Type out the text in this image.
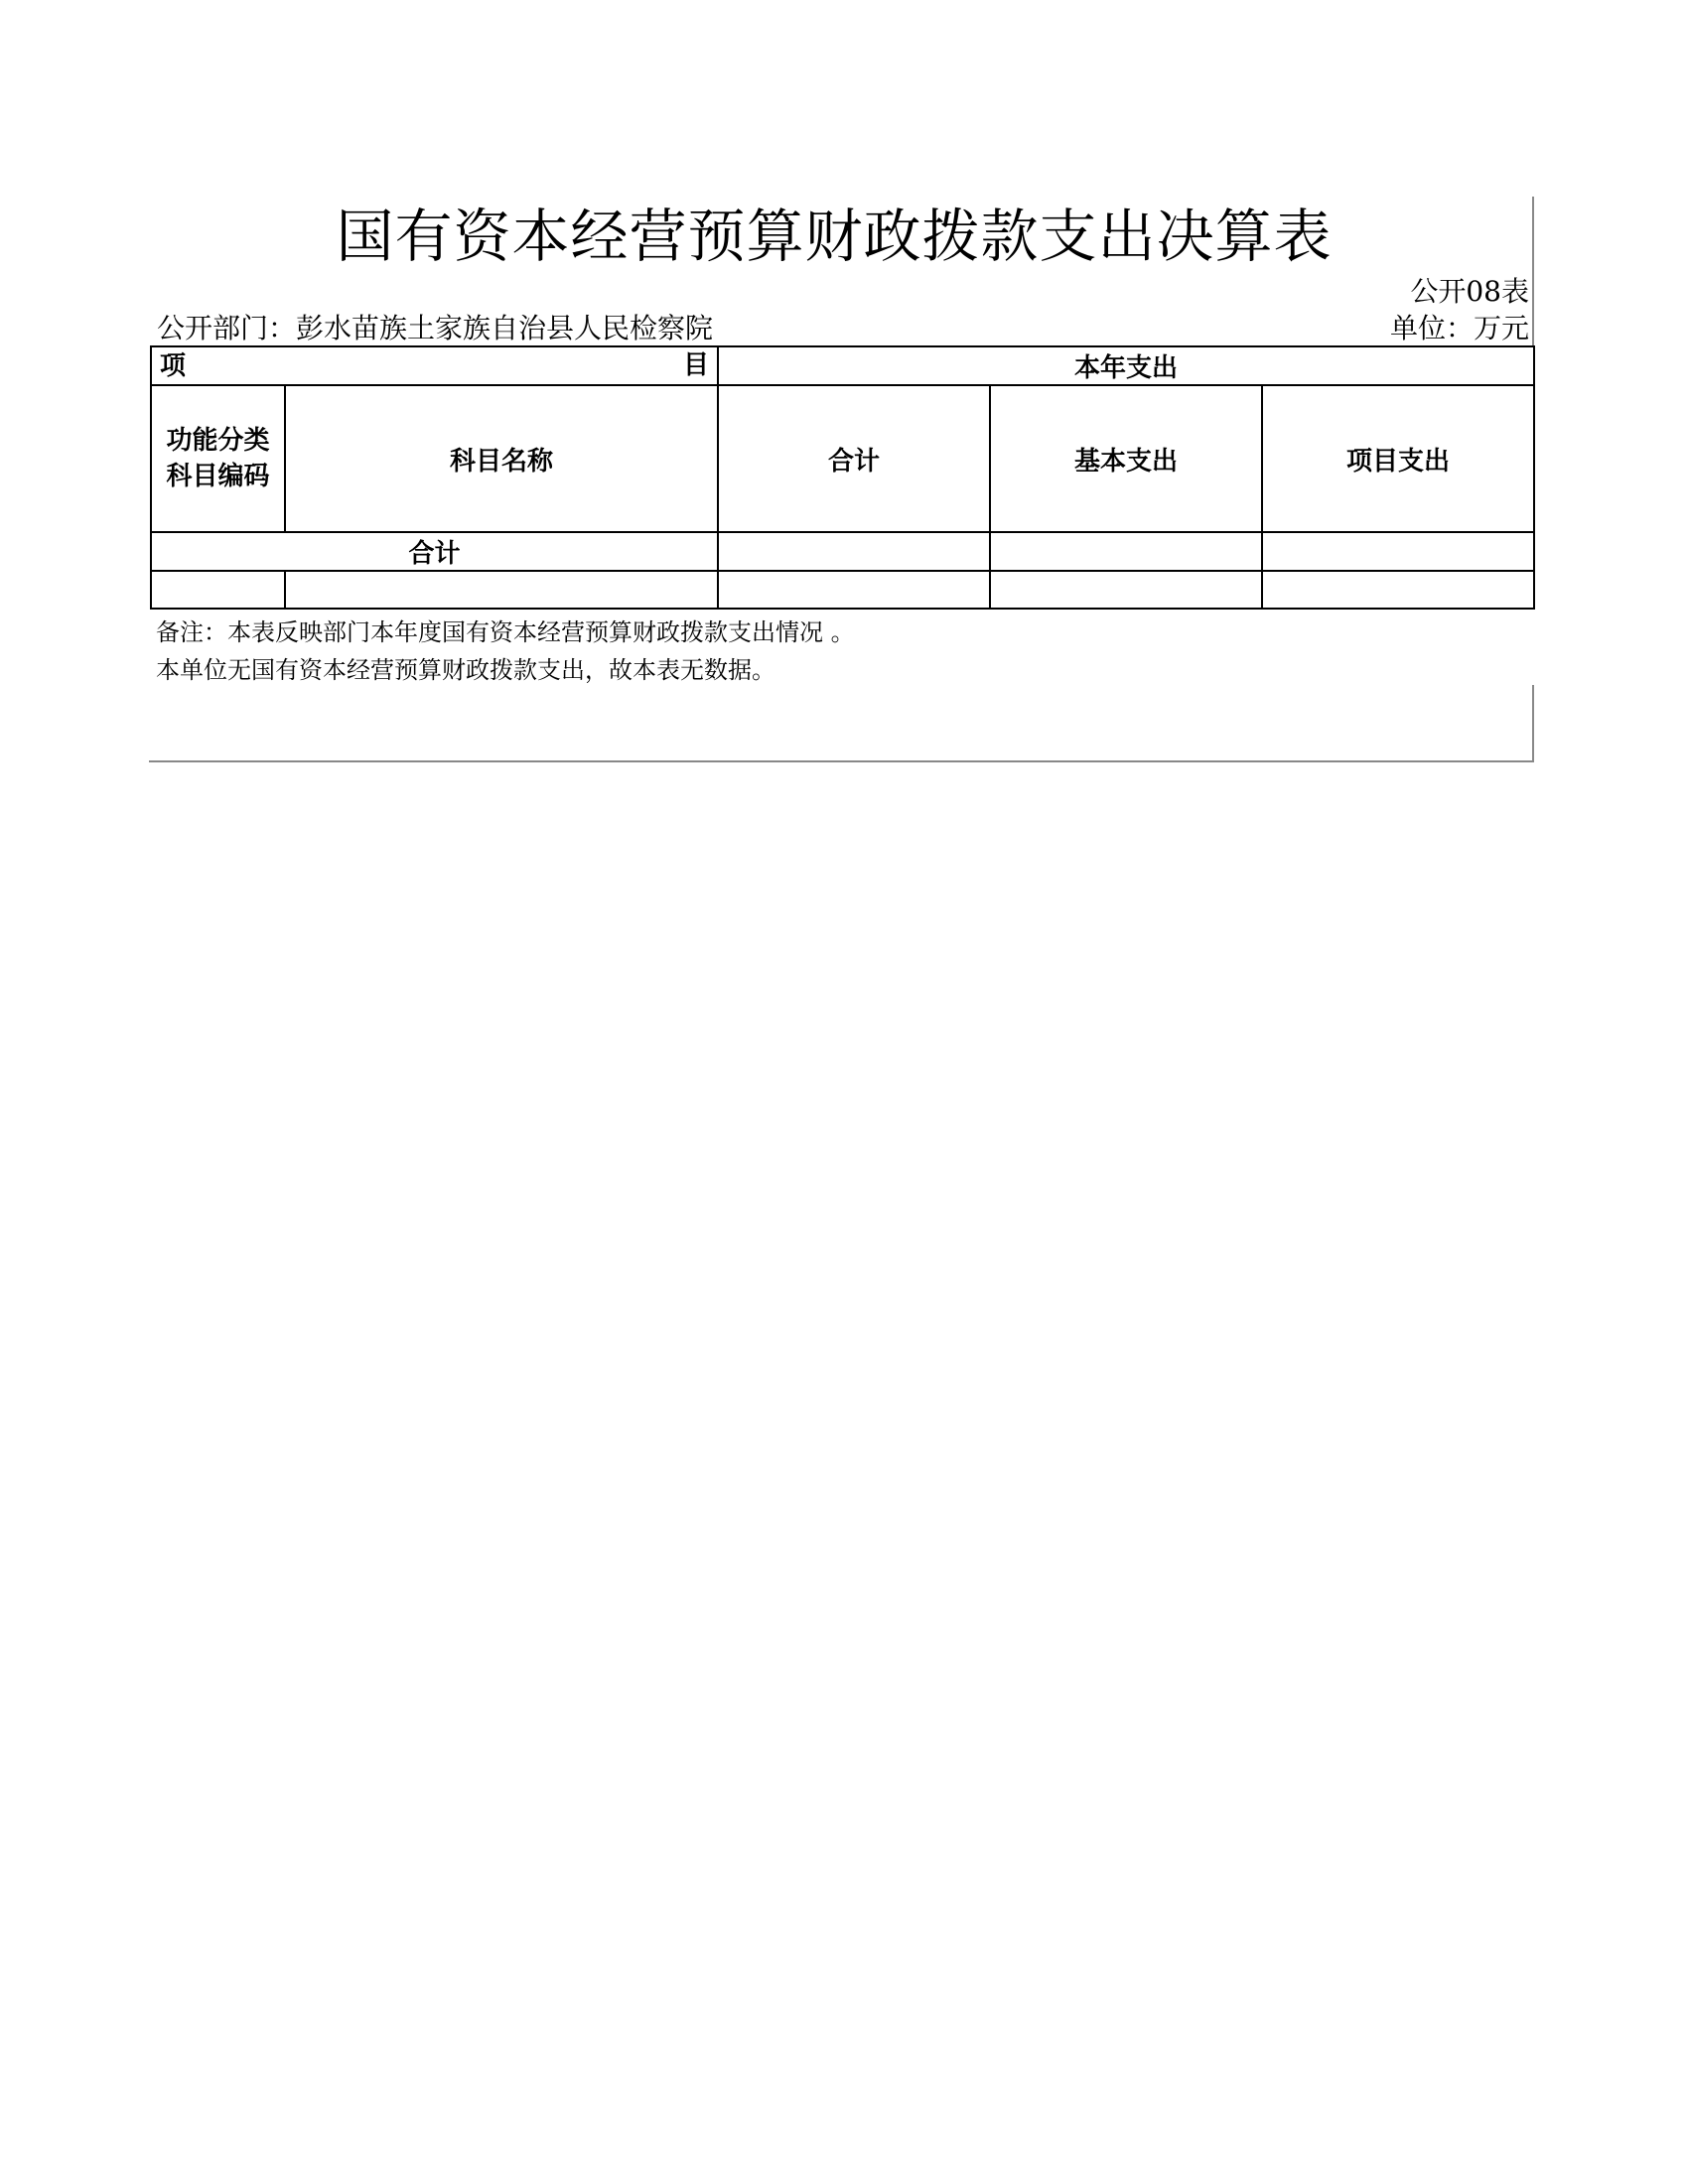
国有资本经营预算财政拨款支出决算表
公开08表
公开部门：彭水苗族土家族自治县人民检察院	单位：万元
项 目		本年支出		

功能分类
科目编码	科目名称	合计	基本支出	项目支出
合计				

备注：本表反映部门本年度国有资本经营预算财政拨款支出情况 。
本单位无国有资本经营预算财政拨款支出，故本表无数据。
